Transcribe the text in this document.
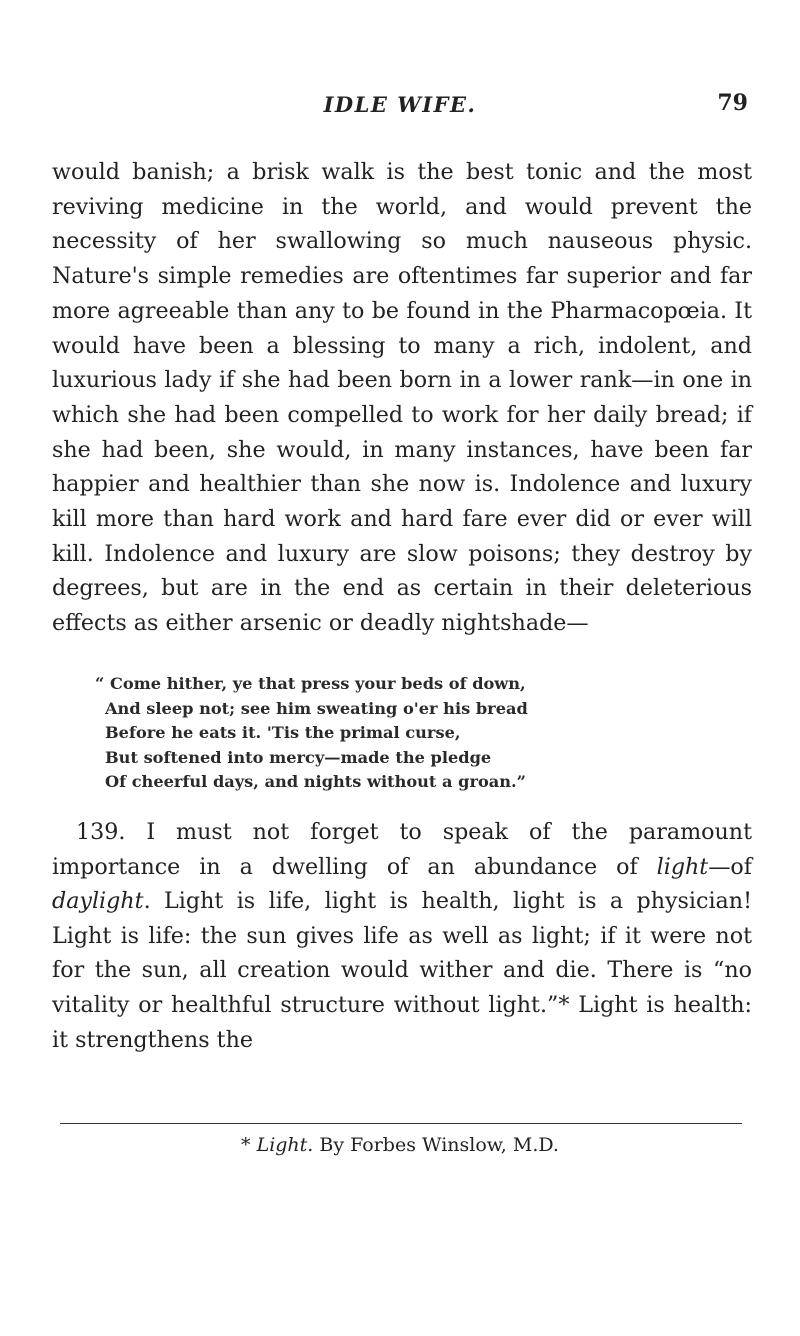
IDLE WIFE.	79

would banish; a brisk walk is the best tonic and the most reviving medicine in the world, and would prevent the necessity of her swallowing so much nauseous physic. Nature's simple remedies are oftentimes far superior and far more agreeable than any to be found in the Pharmacopœia. It would have been a blessing to many a rich, indolent, and luxurious lady if she had been born in a lower rank—in one in which she had been compelled to work for her daily bread; if she had been, she would, in many instances, have been far happier and healthier than she now is. Indolence and luxury kill more than hard work and hard fare ever did or ever will kill. Indolence and luxury are slow poisons; they destroy by degrees, but are in the end as certain in their deleterious effects as either arsenic or deadly nightshade—

“ Come hither, ye that press your beds of down,
And sleep not; see him sweating o'er his bread
Before he eats it. 'Tis the primal curse,
But softened into mercy—made the pledge
Of cheerful days, and nights without a groan.”

139. I must not forget to speak of the paramount importance in a dwelling of an abundance of light—of daylight. Light is life, light is health, light is a physician! Light is life: the sun gives life as well as light; if it were not for the sun, all creation would wither and die. There is “no vitality or healthful structure without light.”* Light is health: it strengthens the

* Light. By Forbes Winslow, M.D.
